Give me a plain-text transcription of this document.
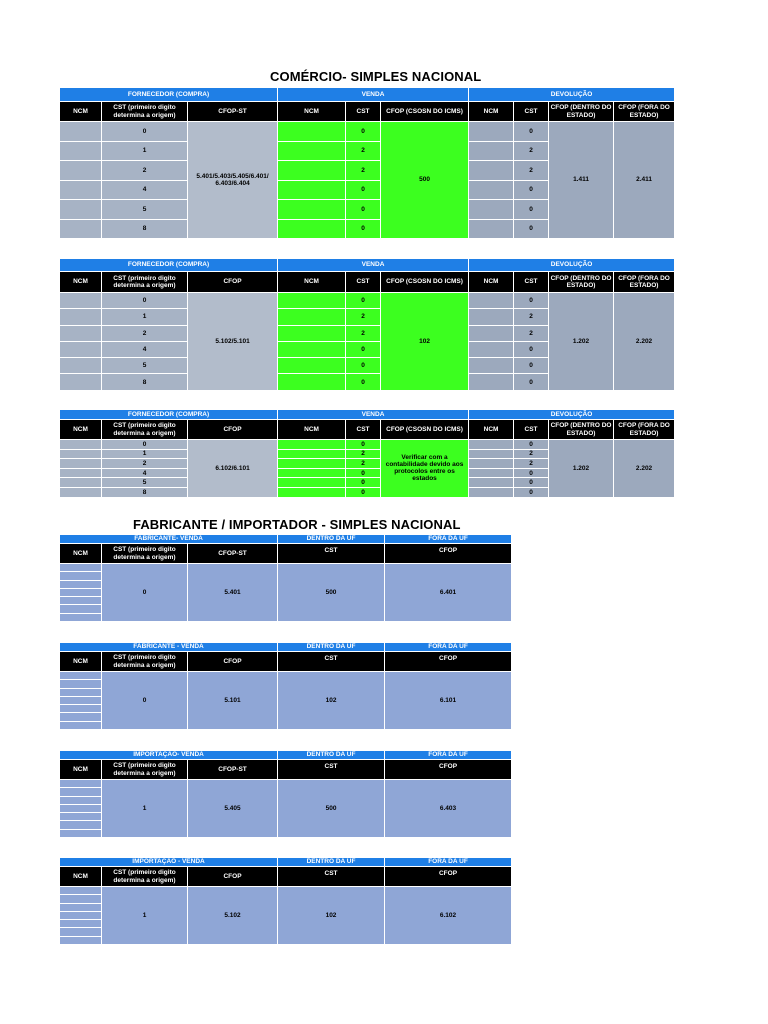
COMÉRCIO- SIMPLES NACIONAL
FORNECEDOR (COMPRA)			VENDA			DEVOLUÇÃO			
NCM	CST (primeiro digito determina a origem)	CFOP-ST	NCM	CST	CFOP (CSOSN DO ICMS)	NCM	CST	CFOP (DENTRO DO ESTADO)	CFOP (FORA DO ESTADO)
	0	5.401/5.403/5.405/6.401/ 6.403/6.404		0	500		0	1.411	2.411
	1			2			2		
	2			2			2		
	4			0			0		
	5			0			0		
	8			0			0		
FORNECEDOR (COMPRA)			VENDA			DEVOLUÇÃO			
NCM	CST (primeiro digito determina a origem)	CFOP	NCM	CST	CFOP (CSOSN DO ICMS)	NCM	CST	CFOP (DENTRO DO ESTADO)	CFOP (FORA DO ESTADO)
	0	5.102/5.101		0	102		0	1.202	2.202
	1			2			2		
	2			2			2		
	4			0			0		
	5			0			0		
	8			0			0		
FORNECEDOR (COMPRA)			VENDA			DEVOLUÇÃO			
NCM	CST (primeiro digito determina a origem)	CFOP	NCM	CST	CFOP (CSOSN DO ICMS)	NCM	CST	CFOP (DENTRO DO ESTADO)	CFOP (FORA DO ESTADO)
	0	6.102/6.101		0	Verificar com a contabilidade devido aos protocolos entre os estados		0	1.202	2.202
	1			2			2		
	2			2			2		
	4			0			0		
	5			0			0		
	8			0			0		
FABRICANTE / IMPORTADOR - SIMPLES NACIONAL
FABRICANTE- VENDA			DENTRO DA UF	FORA DA UF
NCM	CST (primeiro digito determina a origem)	CFOP-ST	CST	CFOP
	0	5.401	500	6.401

FABRICANTE - VENDA			DENTRO DA UF	FORA DA UF
NCM	CST (primeiro digito determina a origem)	CFOP	CST	CFOP
	0	5.101	102	6.101

IMPORTAÇÃO- VENDA			DENTRO DA UF	FORA DA UF
NCM	CST (primeiro digito determina a origem)	CFOP-ST	CST	CFOP
	1	5.405	500	6.403

IMPORTAÇÃO - VENDA			DENTRO DA UF	FORA DA UF
NCM	CST (primeiro digito determina a origem)	CFOP	CST	CFOP
	1	5.102	102	6.102
